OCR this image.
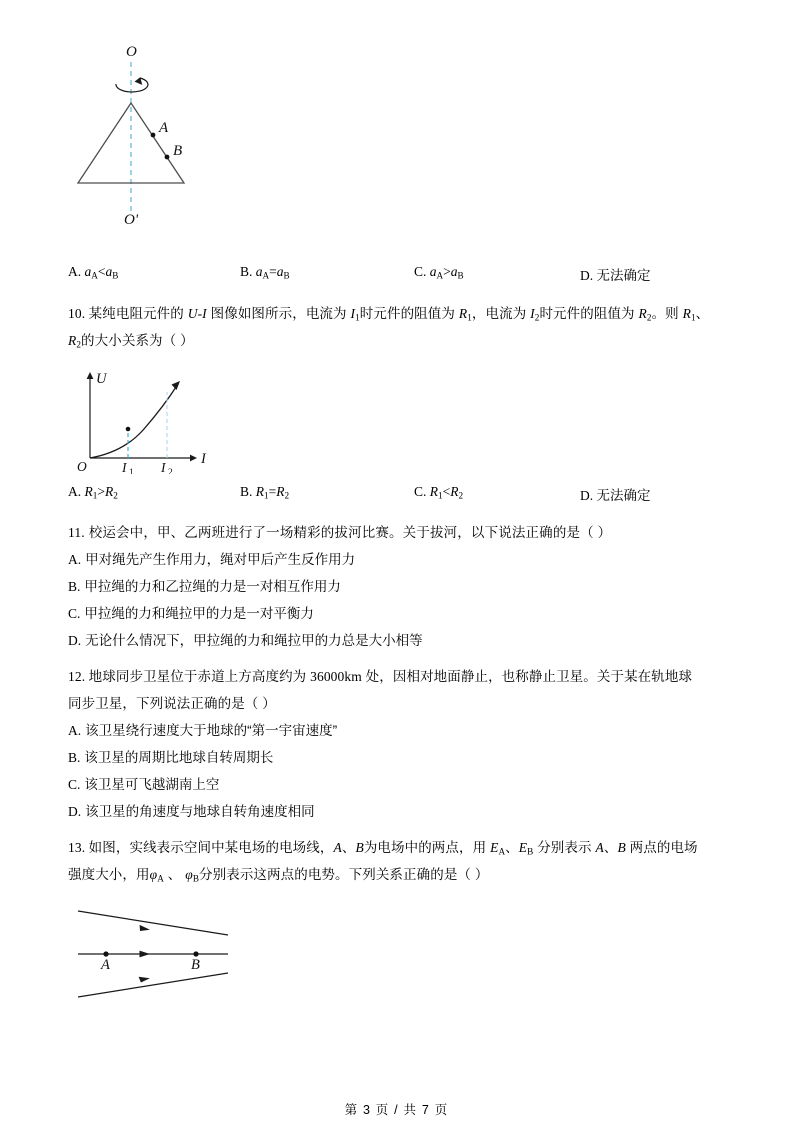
O
O'
A
B
A. aA<aB	B. aA=aB	C. aA>aB	D. 无法确定
10. 某纯电阻元件的 U-I 图像如图所示，电流为 I1时元件的阻值为 R1，电流为 I2时元件的阻值为 R2。则 R1、
R2的大小关系为（ ）
U
I
O	I 1 I 2
A. R1>R2	B. R1=R2	C. R1<R2	D. 无法确定
11. 校运会中，甲、乙两班进行了一场精彩的拔河比赛。关于拔河，以下说法正确的是（ ）
A. 甲对绳先产生作用力，绳对甲后产生反作用力
B. 甲拉绳的力和乙拉绳的力是一对相互作用力
C. 甲拉绳的力和绳拉甲的力是一对平衡力
D. 无论什么情况下，甲拉绳的力和绳拉甲的力总是大小相等
12. 地球同步卫星位于赤道上方高度约为 36000km 处，因相对地面静止，也称静止卫星。关于某在轨地球
同步卫星，下列说法正确的是（ ）
A. 该卫星绕行速度大于地球的“第一宇宙速度”
B. 该卫星的周期比地球自转周期长
C. 该卫星可飞越湖南上空
D. 该卫星的角速度与地球自转角速度相同
13. 如图，实线表示空间中某电场的电场线，A、B为电场中的两点，用 EA、EB 分别表示 A、B 两点的电场
强度大小，用φA 、 φB分别表示这两点的电势。下列关系正确的是（ ）
A	B
第 3 页 / 共 7 页
